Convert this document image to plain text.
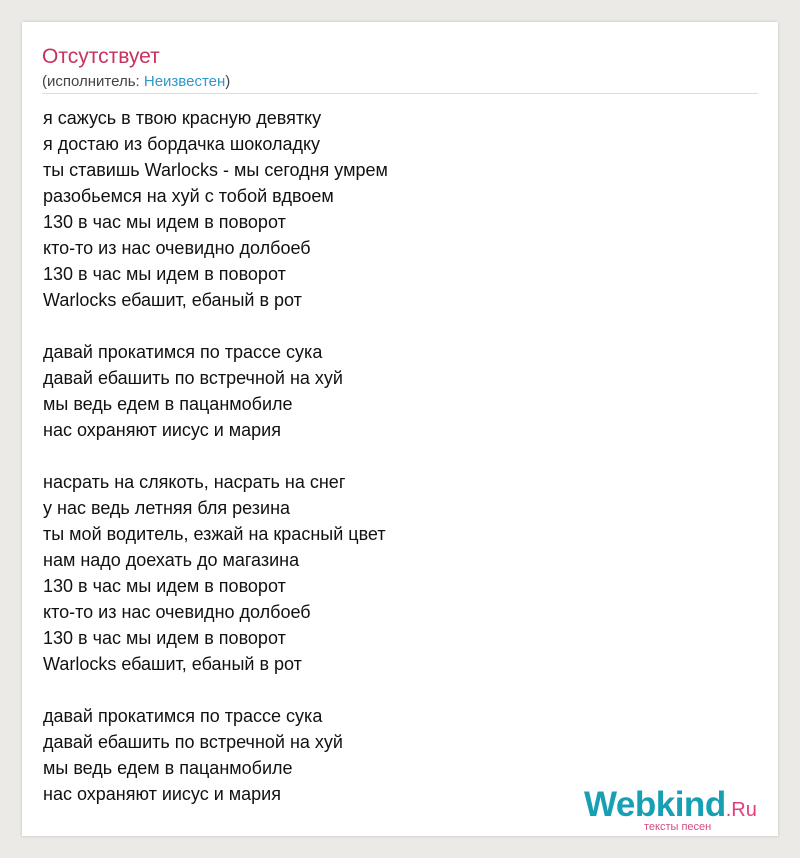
Отсутствует
(исполнитель: Неизвестен)
я сажусь в твою красную девятку
я достаю из бордачка шоколадку
ты ставишь Warlocks - мы сегодня умрем
разобьемся на хуй с тобой вдвоем
130 в час мы идем в поворот
кто-то из нас очевидно долбоеб
130 в час мы идем в поворот
Warlocks ебашит, ебаный в рот
давай прокатимся по трассе сука
давай ебашить по встречной на хуй
мы ведь едем в пацанмобиле
нас охраняют иисус и мария
насрать на слякоть, насрать на снег
у нас ведь летняя бля резина
ты мой водитель, езжай на красный цвет
нам надо доехать до магазина
130 в час мы идем в поворот
кто-то из нас очевидно долбоеб
130 в час мы идем в поворот
Warlocks ебашит, ебаный в рот
давай прокатимся по трассе сука
давай ебашить по встречной на хуй
мы ведь едем в пацанмобиле
нас охраняют иисус и мария	Webkind.Ru
тексты песен
